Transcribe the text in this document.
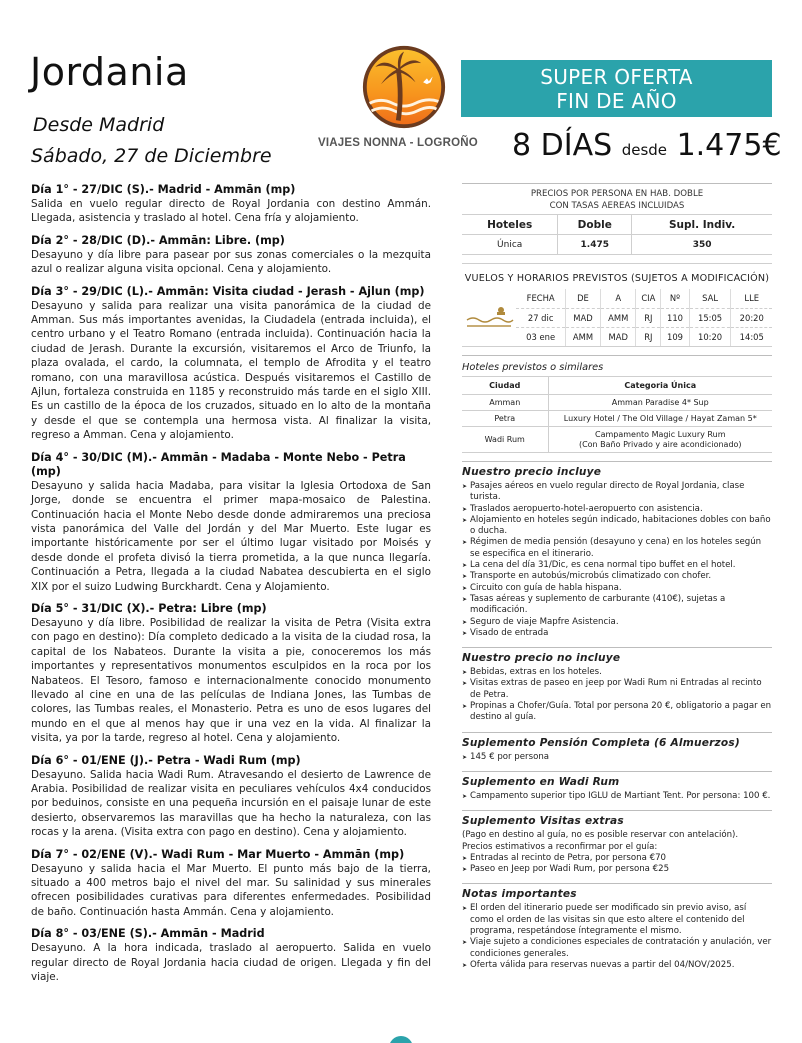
Jordania
Desde Madrid
Sábado, 27 de Diciembre
VIAJES NONNA - LOGROÑO
SUPER OFERTA
FIN DE AÑO
8 DÍAS desde 1.475€
Día 1° - 27/DIC (S).- Madrid - Ammān (mp)

Salida en vuelo regular directo de Royal Jordania con destino Ammán. Llegada, asistencia y traslado al hotel. Cena fría y alojamiento.

Día 2° - 28/DIC (D).- Ammān: Libre. (mp)

Desayuno y día libre para pasear por sus zonas comerciales o la mezquita azul o realizar alguna visita opcional. Cena y alojamiento.

Día 3° - 29/DIC (L).- Ammān: Visita ciudad - Jerash - Ajlun (mp)

Desayuno y salida para realizar una visita panorámica de la ciudad de Amman. Sus más importantes avenidas, la Ciudadela (entrada incluida), el centro urbano y el Teatro Romano (entrada incluida). Continuación hacia la ciudad de Jerash. Durante la excursión, visitaremos el Arco de Triunfo, la plaza ovalada, el cardo, la columnata, el templo de Afrodita y el teatro romano, con una maravillosa acústica. Después visitaremos el Castillo de Ajlun, fortaleza construida en 1185 y reconstruido más tarde en el siglo XIII. Es un castillo de la época de los cruzados, situado en lo alto de la montaña y desde el que se contempla una hermosa vista. Al finalizar la visita, regreso a Amman. Cena y alojamiento.

Día 4° - 30/DIC (M).- Ammān - Madaba - Monte Nebo - Petra (mp)

Desayuno y salida hacia Madaba, para visitar la Iglesia Ortodoxa de San Jorge, donde se encuentra el primer mapa-mosaico de Palestina. Continuación hacia el Monte Nebo desde donde admiraremos una preciosa vista panorámica del Valle del Jordán y del Mar Muerto. Este lugar es importante históricamente por ser el último lugar visitado por Moisés y desde donde el profeta divisó la tierra prometida, a la que nunca llegaría. Continuación a Petra, llegada a la ciudad Nabatea descubierta en el siglo XIX por el suizo Ludwing Burckhardt. Cena y Alojamiento.

Día 5° - 31/DIC (X).- Petra: Libre (mp)

Desayuno y día libre. Posibilidad de realizar la visita de Petra (Visita extra con pago en destino): Día completo dedicado a la visita de la ciudad rosa, la capital de los Nabateos. Durante la visita a pie, conoceremos los más importantes y representativos monumentos esculpidos en la roca por los Nabateos. El Tesoro, famoso e internacionalmente conocido monumento llevado al cine en una de las películas de Indiana Jones, las Tumbas de colores, las Tumbas reales, el Monasterio. Petra es uno de esos lugares del mundo en el que al menos hay que ir una vez en la vida. Al finalizar la visita, ya por la tarde, regreso al hotel. Cena y alojamiento.

Día 6° - 01/ENE (J).- Petra - Wadi Rum (mp)

Desayuno. Salida hacia Wadi Rum. Atravesando el desierto de Lawrence de Arabia. Posibilidad de realizar visita en peculiares vehículos 4x4 conducidos por beduinos, consiste en una pequeña incursión en el paisaje lunar de este desierto, observaremos las maravillas que ha hecho la naturaleza, con las rocas y la arena. (Visita extra con pago en destino). Cena y alojamiento.

Día 7° - 02/ENE (V).- Wadi Rum - Mar Muerto - Ammān (mp)

Desayuno y salida hacia el Mar Muerto. El punto más bajo de la tierra, situado a 400 metros bajo el nivel del mar. Su salinidad y sus minerales ofrecen posibilidades curativas para diferentes enfermedades. Posibilidad de baño. Continuación hasta Ammán. Cena y alojamiento.

Día 8° - 03/ENE (S).- Ammān - Madrid

Desayuno. A la hora indicada, traslado al aeropuerto. Salida en vuelo regular directo de Royal Jordania hacia ciudad de origen. Llegada y fin del viaje.

PRECIOS POR PERSONA EN HAB. DOBLE
CON TASAS AEREAS INCLUIDAS
Hoteles	Doble	Supl. Indiv.
Única	1.475	350
VUELOS Y HORARIOS PREVISTOS (SUJETOS A MODIFICACIÓN)
FECHA	DE	A	CIA	Nº	SAL	LLE
27 dic	MAD	AMM	RJ	110	15:05	20:20
03 ene	AMM	MAD	RJ	109	10:20	14:05
Hoteles previstos o similares
Ciudad	Categoria Única
Amman	Amman Paradise 4* Sup
Petra	Luxury Hotel / The Old Village / Hayat Zaman 5*
Wadi Rum	Campamento Magic Luxury Rum
(Con Baño Privado y aire acondicionado)
Nuestro precio incluye
➤ Pasajes aéreos en vuelo regular directo de Royal Jordania, clase turista.
➤ Traslados aeropuerto-hotel-aeropuerto con asistencia.
➤ Alojamiento en hoteles según indicado, habitaciones dobles con baño o ducha.
➤ Régimen de media pensión (desayuno y cena) en los hoteles según se especifica en el itinerario.
➤ La cena del día 31/Dic, es cena normal tipo buffet en el hotel.
➤ Transporte en autobús/microbús climatizado con chofer.
➤ Circuito con guía de habla hispana.
➤ Tasas aéreas y suplemento de carburante (410€), sujetas a modificación.
➤ Seguro de viaje Mapfre Asistencia.
➤ Visado de entrada
Nuestro precio no incluye
➤ Bebidas, extras en los hoteles.
➤ Visitas extras de paseo en jeep por Wadi Rum ni Entradas al recinto de Petra.
➤ Propinas a Chofer/Guía. Total por persona 20 €, obligatorio a pagar en destino al guía.
Suplemento Pensión Completa (6 Almuerzos)
➤ 145 € por persona
Suplemento en Wadi Rum
➤ Campamento superior tipo IGLU de Martiant Tent. Por persona: 100 €.
Suplemento Visitas extras
(Pago en destino al guía, no es posible reservar con antelación).
Precios estimativos a reconfirmar por el guía:
➤ Entradas al recinto de Petra, por persona €70
➤ Paseo en Jeep por Wadi Rum, por persona €25
Notas importantes
➤ El orden del itinerario puede ser modificado sin previo aviso, así como el orden de las visitas sin que esto altere el contenido del programa, respetándose íntegramente el mismo.
➤ Viaje sujeto a condiciones especiales de contratación y anulación, ver condiciones generales.
➤ Oferta válida para reservas nuevas a partir del 04/NOV/2025.
